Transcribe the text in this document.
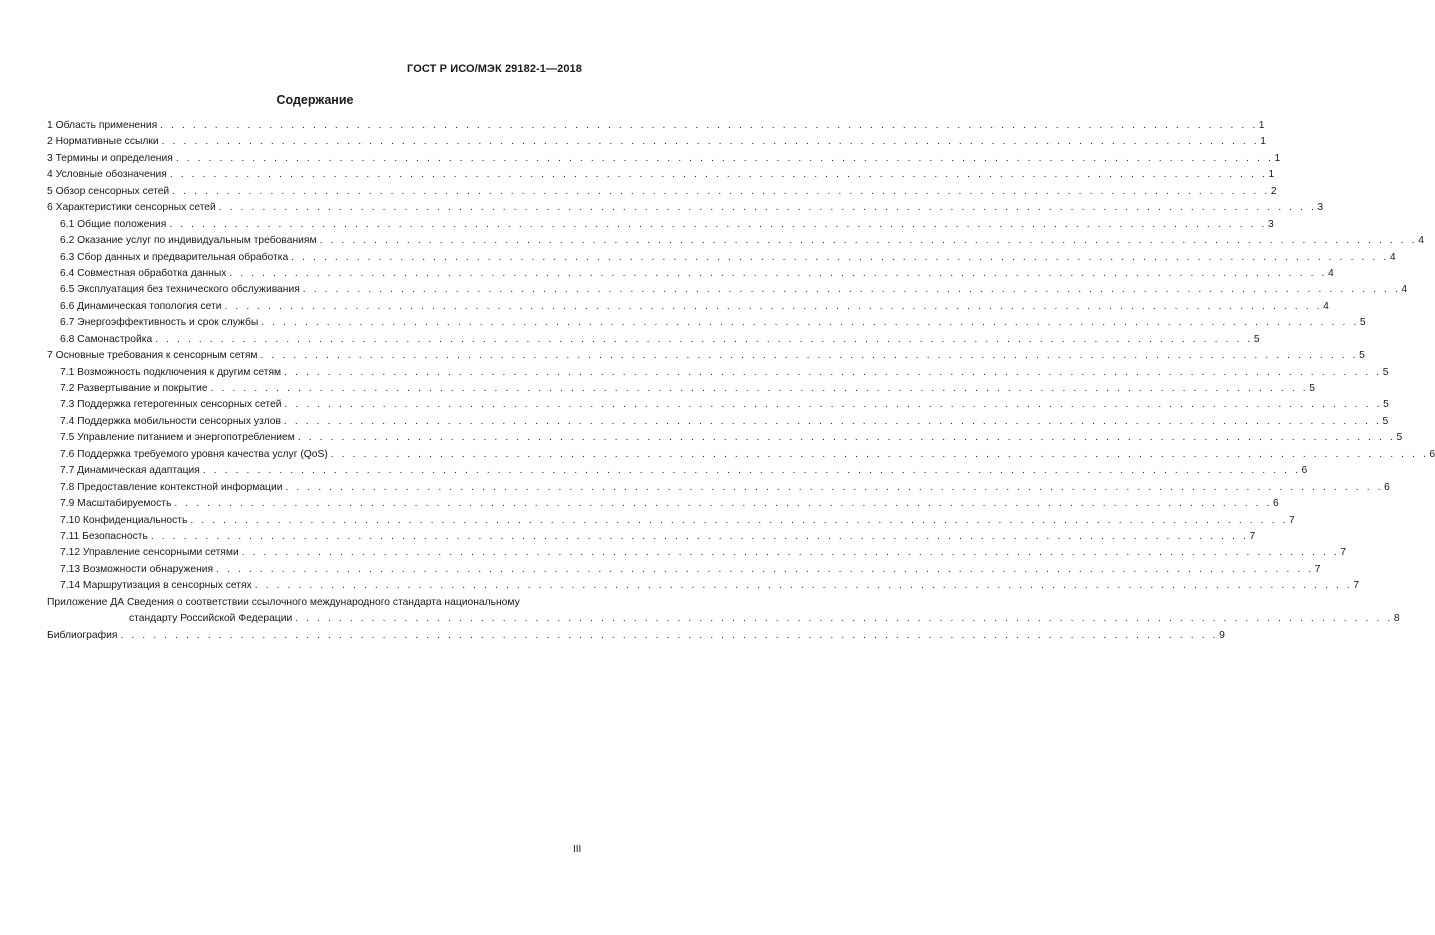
ГОСТ Р ИСО/МЭК 29182-1—2018
Содержание
1 Область применения . . . . . . . . . . . . . . . . . . . . . . . . . . . . . . . . . . . . . . . . . . . . . . . . . . . . . . . . . . . . . . . . . . . . . . . . . . . . . . . . . . . . . . . . . . . . . . . . . . . . . 1
2 Нормативные ссылки . . . . . . . . . . . . . . . . . . . . . . . . . . . . . . . . . . . . . . . . . . . . . . . . . . . . . . . . . . . . . . . . . . . . . . . . . . . . . . . . . . . . . . . . . . . . . . . . . . . . . 1
3 Термины и определения . . . . . . . . . . . . . . . . . . . . . . . . . . . . . . . . . . . . . . . . . . . . . . . . . . . . . . . . . . . . . . . . . . . . . . . . . . . . . . . . . . . . . . . . . . . . . . . . . . . . . 1
4 Условные обозначения . . . . . . . . . . . . . . . . . . . . . . . . . . . . . . . . . . . . . . . . . . . . . . . . . . . . . . . . . . . . . . . . . . . . . . . . . . . . . . . . . . . . . . . . . . . . . . . . . . . . . 1
5 Обзор сенсорных сетей . . . . . . . . . . . . . . . . . . . . . . . . . . . . . . . . . . . . . . . . . . . . . . . . . . . . . . . . . . . . . . . . . . . . . . . . . . . . . . . . . . . . . . . . . . . . . . . . . . . . . 2
6 Характеристики сенсорных сетей . . . . . . . . . . . . . . . . . . . . . . . . . . . . . . . . . . . . . . . . . . . . . . . . . . . . . . . . . . . . . . . . . . . . . . . . . . . . . . . . . . . . . . . . . . . . . . . . . . . . . 3
6.1 Общие положения . . . . . . . . . . . . . . . . . . . . . . . . . . . . . . . . . . . . . . . . . . . . . . . . . . . . . . . . . . . . . . . . . . . . . . . . . . . . . . . . . . . . . . . . . . . . . . . . . . . . . 3
6.2 Оказание услуг по индивидуальным требованиям . . . . . . . . . . . . . . . . . . . . . . . . . . . . . . . . . . . . . . . . . . . . . . . . . . . . . . . . . . . . . . . . . . . . . . . . . . . . . . . . . . . . . . . . . . . . . . . . . . . . . 4
6.3 Сбор данных и предварительная обработка . . . . . . . . . . . . . . . . . . . . . . . . . . . . . . . . . . . . . . . . . . . . . . . . . . . . . . . . . . . . . . . . . . . . . . . . . . . . . . . . . . . . . . . . . . . . . . . . . . . . . 4
6.4 Совместная обработка данных . . . . . . . . . . . . . . . . . . . . . . . . . . . . . . . . . . . . . . . . . . . . . . . . . . . . . . . . . . . . . . . . . . . . . . . . . . . . . . . . . . . . . . . . . . . . . . . . . . . . . 4
6.5 Эксплуатация без технического обслуживания . . . . . . . . . . . . . . . . . . . . . . . . . . . . . . . . . . . . . . . . . . . . . . . . . . . . . . . . . . . . . . . . . . . . . . . . . . . . . . . . . . . . . . . . . . . . . . . . . . . . . 4
6.6 Динамическая топология сети . . . . . . . . . . . . . . . . . . . . . . . . . . . . . . . . . . . . . . . . . . . . . . . . . . . . . . . . . . . . . . . . . . . . . . . . . . . . . . . . . . . . . . . . . . . . . . . . . . . . . 4
6.7 Энергоэффективность и срок службы . . . . . . . . . . . . . . . . . . . . . . . . . . . . . . . . . . . . . . . . . . . . . . . . . . . . . . . . . . . . . . . . . . . . . . . . . . . . . . . . . . . . . . . . . . . . . . . . . . . . . 5
6.8 Самонастройка . . . . . . . . . . . . . . . . . . . . . . . . . . . . . . . . . . . . . . . . . . . . . . . . . . . . . . . . . . . . . . . . . . . . . . . . . . . . . . . . . . . . . . . . . . . . . . . . . . . . . 5
7 Основные требования к сенсорным сетям . . . . . . . . . . . . . . . . . . . . . . . . . . . . . . . . . . . . . . . . . . . . . . . . . . . . . . . . . . . . . . . . . . . . . . . . . . . . . . . . . . . . . . . . . . . . . . . . . . . . . 5
7.1 Возможность подключения к другим сетям . . . . . . . . . . . . . . . . . . . . . . . . . . . . . . . . . . . . . . . . . . . . . . . . . . . . . . . . . . . . . . . . . . . . . . . . . . . . . . . . . . . . . . . . . . . . . . . . . . . . . 5
7.2 Развертывание и покрытие . . . . . . . . . . . . . . . . . . . . . . . . . . . . . . . . . . . . . . . . . . . . . . . . . . . . . . . . . . . . . . . . . . . . . . . . . . . . . . . . . . . . . . . . . . . . . . . . . . . . . 5
7.3 Поддержка гетерогенных сенсорных сетей . . . . . . . . . . . . . . . . . . . . . . . . . . . . . . . . . . . . . . . . . . . . . . . . . . . . . . . . . . . . . . . . . . . . . . . . . . . . . . . . . . . . . . . . . . . . . . . . . . . . . 5
7.4 Поддержка мобильности сенсорных узлов . . . . . . . . . . . . . . . . . . . . . . . . . . . . . . . . . . . . . . . . . . . . . . . . . . . . . . . . . . . . . . . . . . . . . . . . . . . . . . . . . . . . . . . . . . . . . . . . . . . . . 5
7.5 Управление питанием и энергопотреблением . . . . . . . . . . . . . . . . . . . . . . . . . . . . . . . . . . . . . . . . . . . . . . . . . . . . . . . . . . . . . . . . . . . . . . . . . . . . . . . . . . . . . . . . . . . . . . . . . . . . . 5
7.6 Поддержка требуемого уровня качества услуг (QoS) . . . . . . . . . . . . . . . . . . . . . . . . . . . . . . . . . . . . . . . . . . . . . . . . . . . . . . . . . . . . . . . . . . . . . . . . . . . . . . . . . . . . . . . . . . . . . . . . . . . . . 6
7.7 Динамическая адаптация . . . . . . . . . . . . . . . . . . . . . . . . . . . . . . . . . . . . . . . . . . . . . . . . . . . . . . . . . . . . . . . . . . . . . . . . . . . . . . . . . . . . . . . . . . . . . . . . . . . . . 6
7.8 Предоставление контекстной информации . . . . . . . . . . . . . . . . . . . . . . . . . . . . . . . . . . . . . . . . . . . . . . . . . . . . . . . . . . . . . . . . . . . . . . . . . . . . . . . . . . . . . . . . . . . . . . . . . . . . . 6
7.9 Масштабируемость . . . . . . . . . . . . . . . . . . . . . . . . . . . . . . . . . . . . . . . . . . . . . . . . . . . . . . . . . . . . . . . . . . . . . . . . . . . . . . . . . . . . . . . . . . . . . . . . . . . . . 6
7.10 Конфиденциальность . . . . . . . . . . . . . . . . . . . . . . . . . . . . . . . . . . . . . . . . . . . . . . . . . . . . . . . . . . . . . . . . . . . . . . . . . . . . . . . . . . . . . . . . . . . . . . . . . . . . . 7
7.11 Безопасность . . . . . . . . . . . . . . . . . . . . . . . . . . . . . . . . . . . . . . . . . . . . . . . . . . . . . . . . . . . . . . . . . . . . . . . . . . . . . . . . . . . . . . . . . . . . . . . . . . . . . 7
7.12 Управление сенсорными сетями . . . . . . . . . . . . . . . . . . . . . . . . . . . . . . . . . . . . . . . . . . . . . . . . . . . . . . . . . . . . . . . . . . . . . . . . . . . . . . . . . . . . . . . . . . . . . . . . . . . . . 7
7.13 Возможности обнаружения . . . . . . . . . . . . . . . . . . . . . . . . . . . . . . . . . . . . . . . . . . . . . . . . . . . . . . . . . . . . . . . . . . . . . . . . . . . . . . . . . . . . . . . . . . . . . . . . . . . . . 7
7.14 Маршрутизация в сенсорных сетях . . . . . . . . . . . . . . . . . . . . . . . . . . . . . . . . . . . . . . . . . . . . . . . . . . . . . . . . . . . . . . . . . . . . . . . . . . . . . . . . . . . . . . . . . . . . . . . . . . . . . 7
Приложение ДА Сведения о соответствии ссылочного международного стандарта национальному
стандарту Российской Федерации . . . . . . . . . . . . . . . . . . . . . . . . . . . . . . . . . . . . . . . . . . . . . . . . . . . . . . . . . . . . . . . . . . . . . . . . . . . . . . . . . . . . . . . . . . . . . . . . . . . . . 8
Библиография . . . . . . . . . . . . . . . . . . . . . . . . . . . . . . . . . . . . . . . . . . . . . . . . . . . . . . . . . . . . . . . . . . . . . . . . . . . . . . . . . . . . . . . . . . . . . . . . . . . . . 9
III
